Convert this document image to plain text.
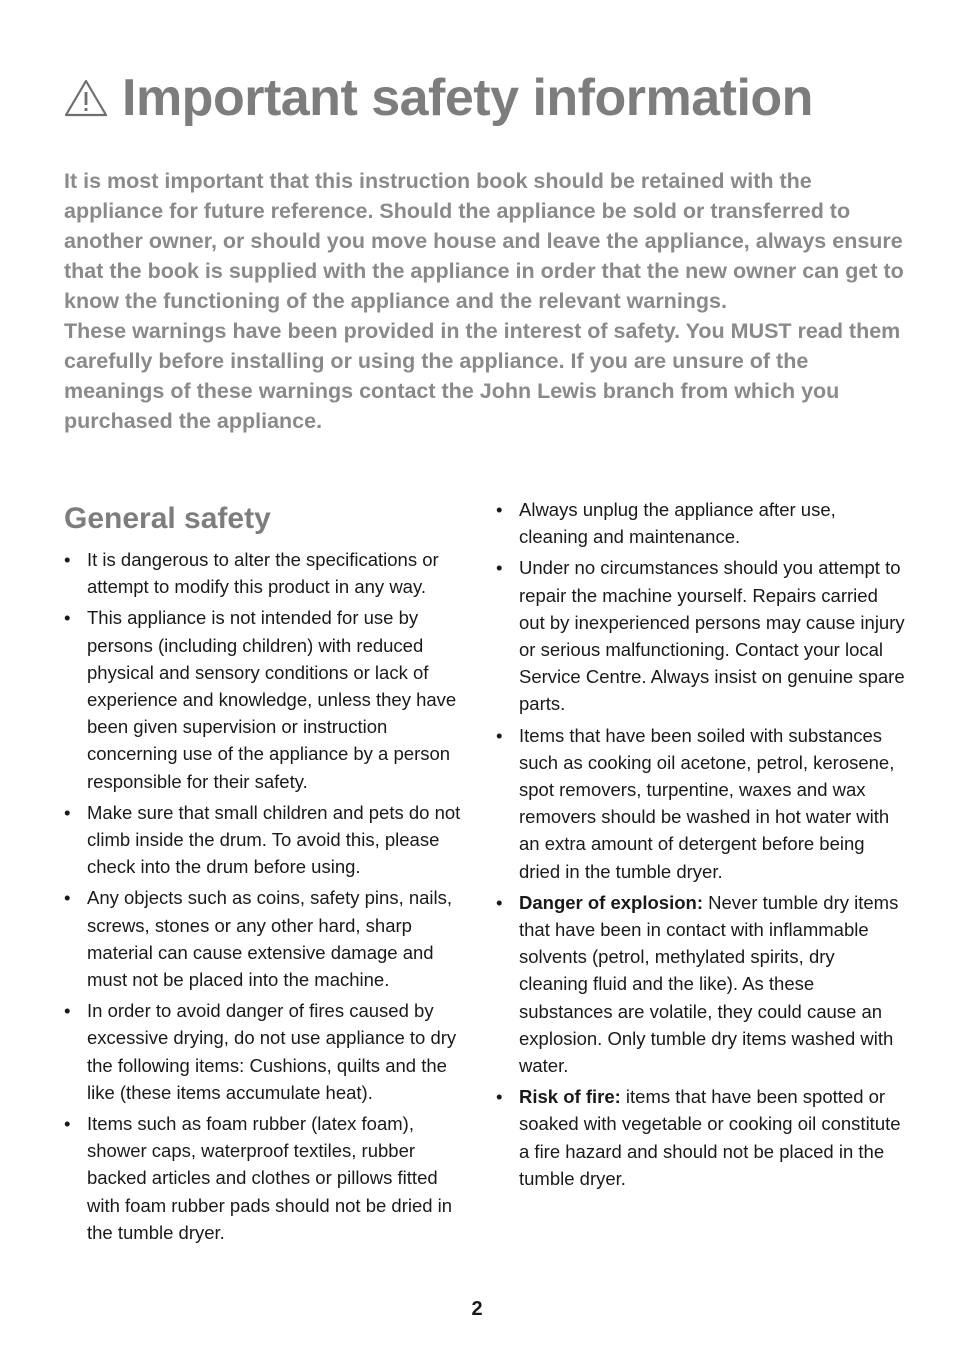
Important safety information

It is most important that this instruction book should be retained with the appliance for future reference. Should the appliance be sold or transferred to another owner, or should you move house and leave the appliance, always ensure that the book is supplied with the appliance in order that the new owner can get to know the functioning of the appliance and the relevant warnings.

These warnings have been provided in the interest of safety. You MUST read them carefully before installing or using the appliance. If you are unsure of the meanings of these warnings contact the John Lewis branch from which you purchased the appliance.

General safety
• It is dangerous to alter the specifications or attempt to modify this product in any way.
• This appliance is not intended for use by persons (including children) with reduced physical and sensory conditions or lack of experience and knowledge, unless they have been given supervision or instruction concerning use of the appliance by a person responsible for their safety.
• Make sure that small children and pets do not climb inside the drum. To avoid this, please check into the drum before using.
• Any objects such as coins, safety pins, nails, screws, stones or any other hard, sharp material can cause extensive damage and must not be placed into the machine.
• In order to avoid danger of fires caused by excessive drying, do not use appliance to dry the following items: Cushions, quilts and the like (these items accumulate heat).
• Items such as foam rubber (latex foam), shower caps, waterproof textiles, rubber backed articles and clothes or pillows fitted with foam rubber pads should not be dried in the tumble dryer.
• Always unplug the appliance after use, cleaning and maintenance.
• Under no circumstances should you attempt to repair the machine yourself. Repairs carried out by inexperienced persons may cause injury or serious malfunctioning. Contact your local Service Centre. Always insist on genuine spare parts.
• Items that have been soiled with substances such as cooking oil acetone, petrol, kerosene, spot removers, turpentine, waxes and wax removers should be washed in hot water with an extra amount of detergent before being dried in the tumble dryer.
• Danger of explosion: Never tumble dry items that have been in contact with inflammable solvents (petrol, methylated spirits, dry cleaning fluid and the like). As these substances are volatile, they could cause an explosion. Only tumble dry items washed with water.
• Risk of fire: items that have been spotted or soaked with vegetable or cooking oil constitute a fire hazard and should not be placed in the tumble dryer.
2
